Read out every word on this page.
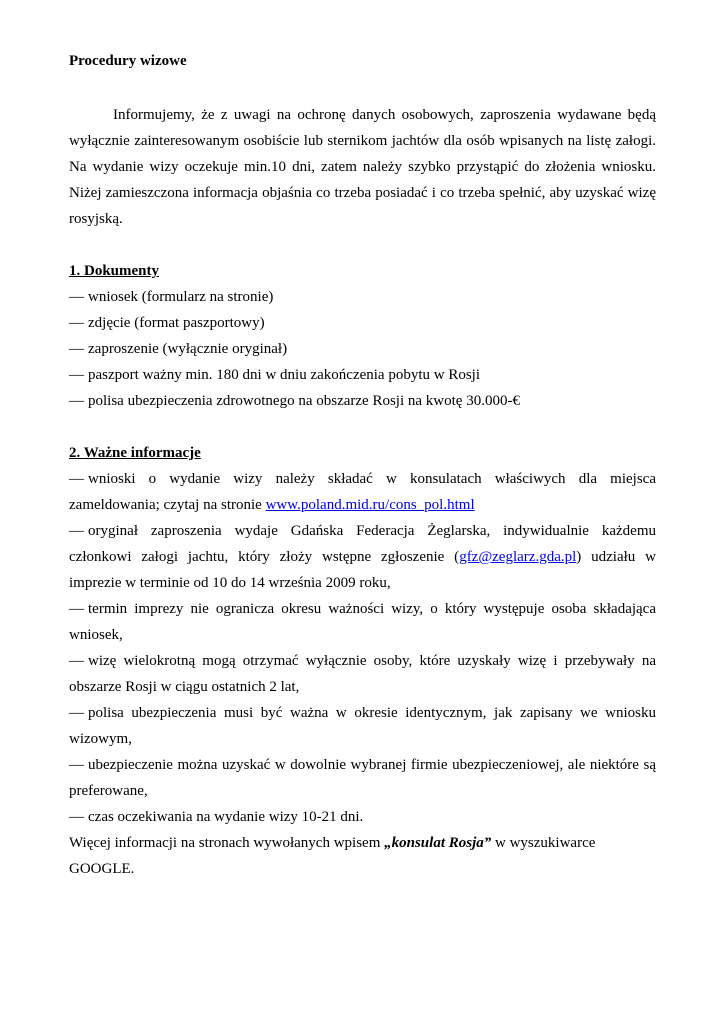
Procedury wizowe

Informujemy, że z uwagi na ochronę danych osobowych, zaproszenia wydawane będą wyłącznie zainteresowanym osobiście lub sternikom jachtów dla osób wpisanych na listę załogi. Na wydanie wizy oczekuje min.10 dni, zatem należy szybko przystąpić do złożenia wniosku. Niżej zamieszczona informacja objaśnia co trzeba posiadać i co trzeba spełnić, aby uzyskać wizę rosyjską.

1. Dokumenty

— wniosek (formularz na stronie)

— zdjęcie (format paszportowy)

— zaproszenie (wyłącznie oryginał)

— paszport ważny min. 180 dni w dniu zakończenia pobytu w Rosji

— polisa ubezpieczenia zdrowotnego na obszarze Rosji na kwotę 30.000-€

2. Ważne informacje

— wnioski o wydanie wizy należy składać w konsulatach właściwych dla miejsca zameldowania; czytaj na stronie www.poland.mid.ru/cons_pol.html

— oryginał zaproszenia wydaje Gdańska Federacja Żeglarska, indywidualnie każdemu członkowi załogi jachtu, który złoży wstępne zgłoszenie (gfz@zeglarz.gda.pl) udziału w imprezie w terminie od 10 do 14 września 2009 roku,

— termin imprezy nie ogranicza okresu ważności wizy, o który występuje osoba składająca wniosek,

— wizę wielokrotną mogą otrzymać wyłącznie osoby, które uzyskały wizę i przebywały na obszarze Rosji w ciągu ostatnich 2 lat,

— polisa ubezpieczenia musi być ważna w okresie identycznym, jak zapisany we wniosku wizowym,

— ubezpieczenie można uzyskać w dowolnie wybranej firmie ubezpieczeniowej, ale niektóre są preferowane,

— czas oczekiwania na wydanie wizy 10-21 dni.

Więcej informacji na stronach wywołanych wpisem „konsulat Rosja” w wyszukiwarce GOOGLE.
